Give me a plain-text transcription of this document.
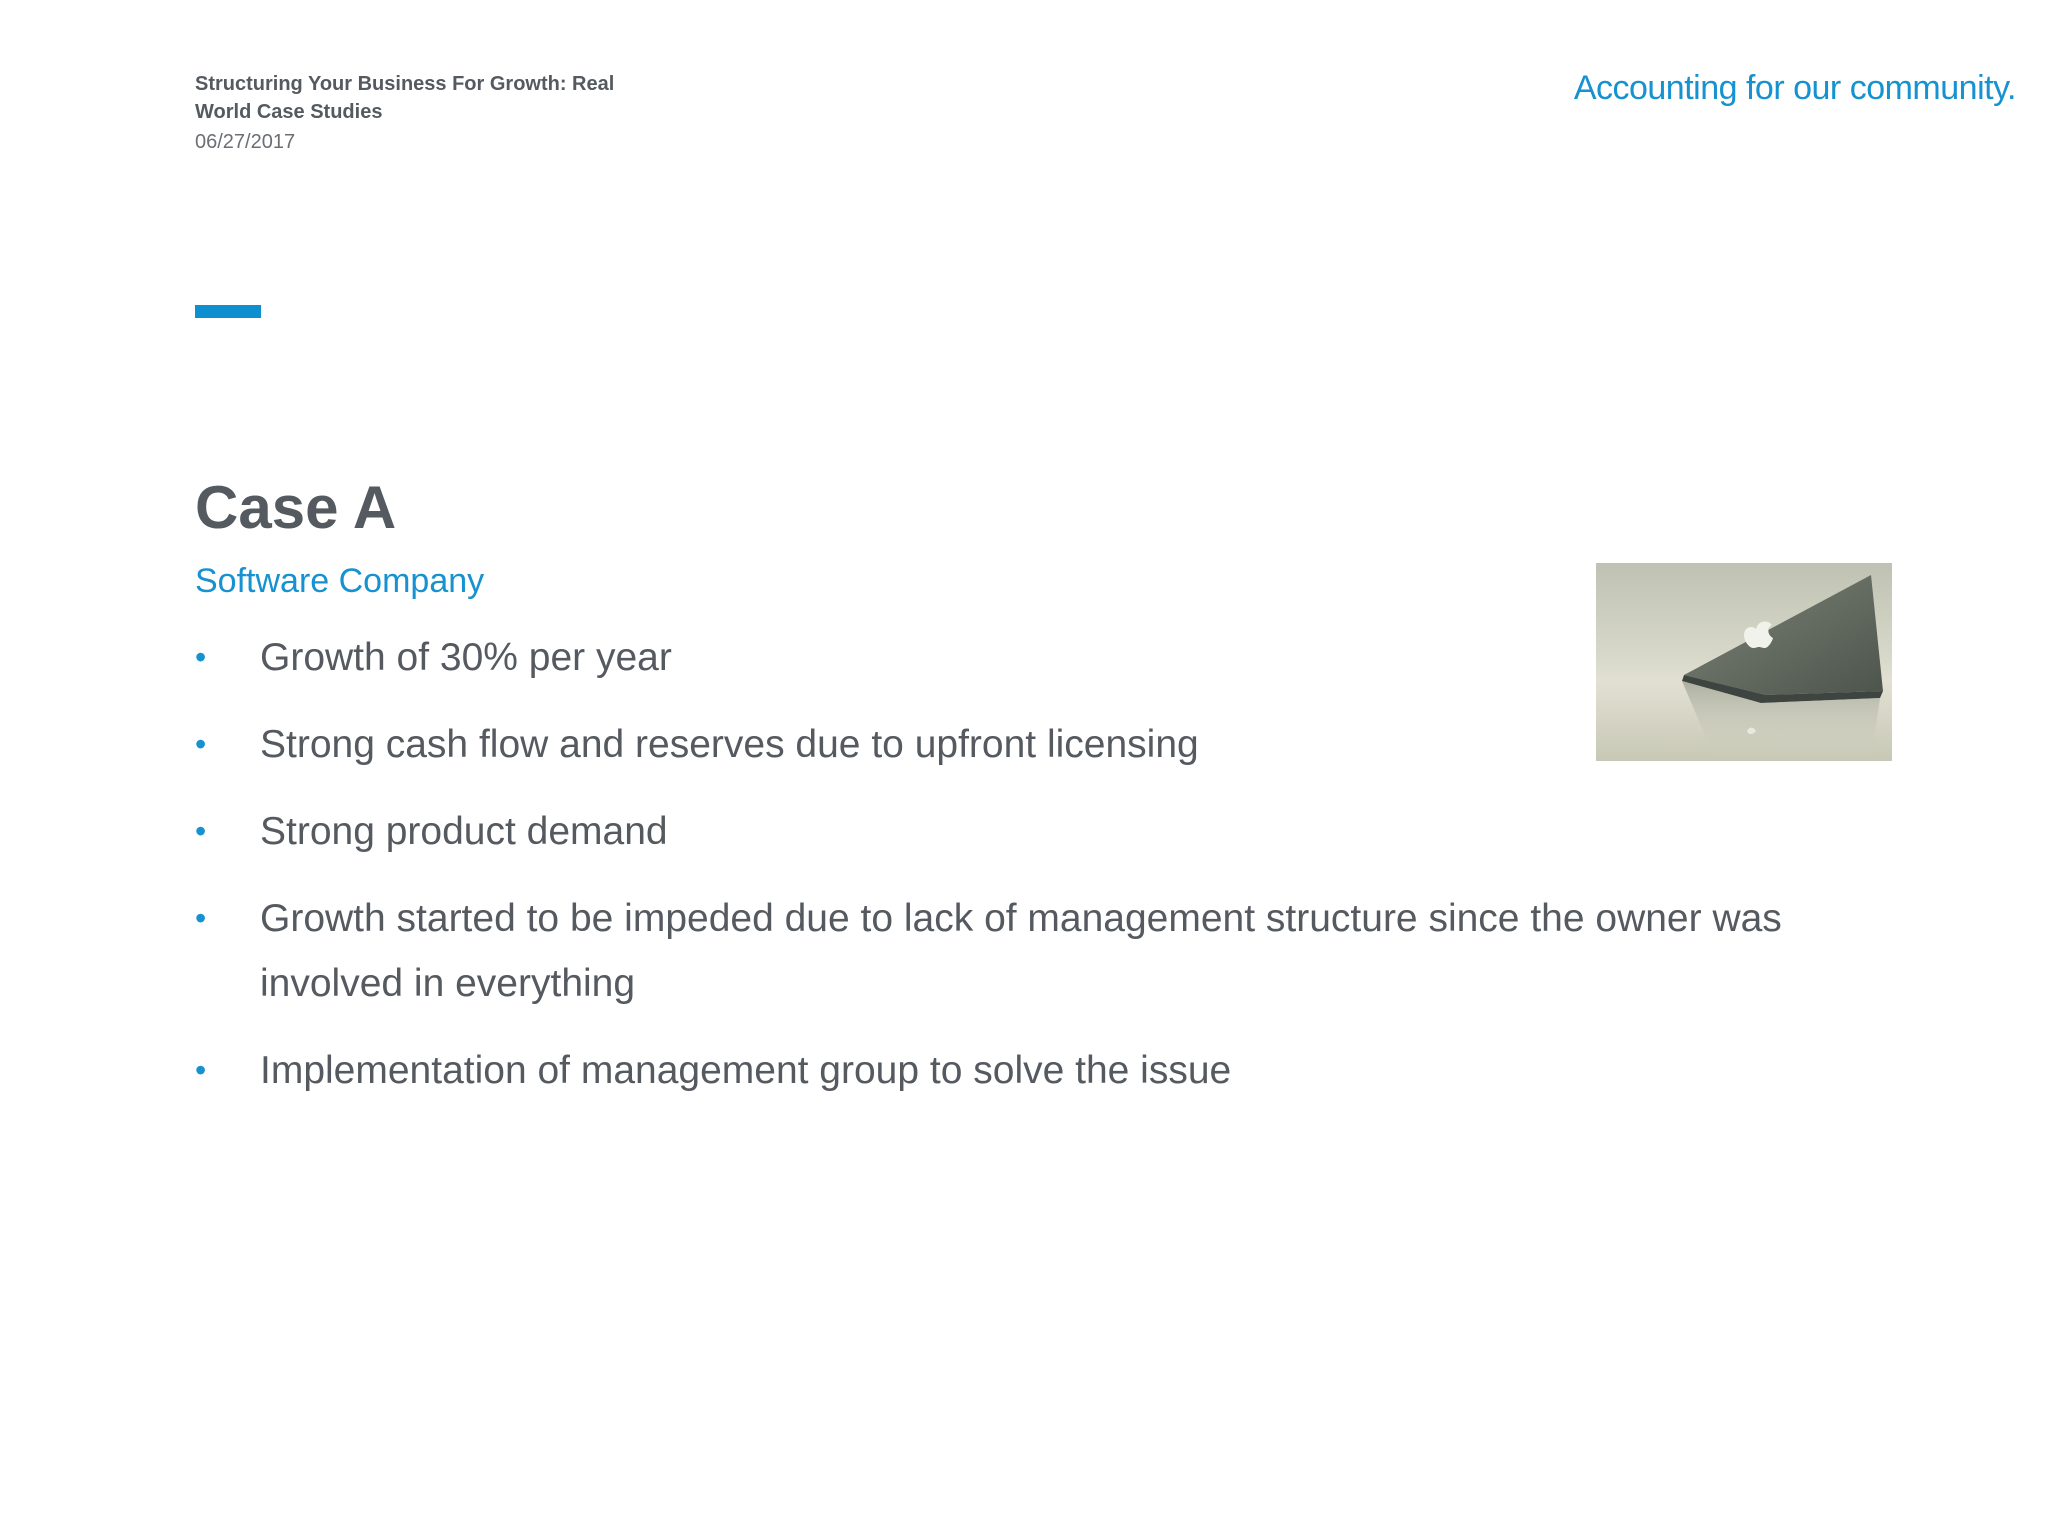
Structuring Your Business For Growth: Real World Case Studies
06/27/2017
Accounting for our community.
Case A
Software Company
• Growth of 30% per year
• Strong cash flow and reserves due to upfront licensing
• Strong product demand
• Growth started to be impeded due to lack of management structure since the owner was involved in everything
• Implementation of management group to solve the issue
